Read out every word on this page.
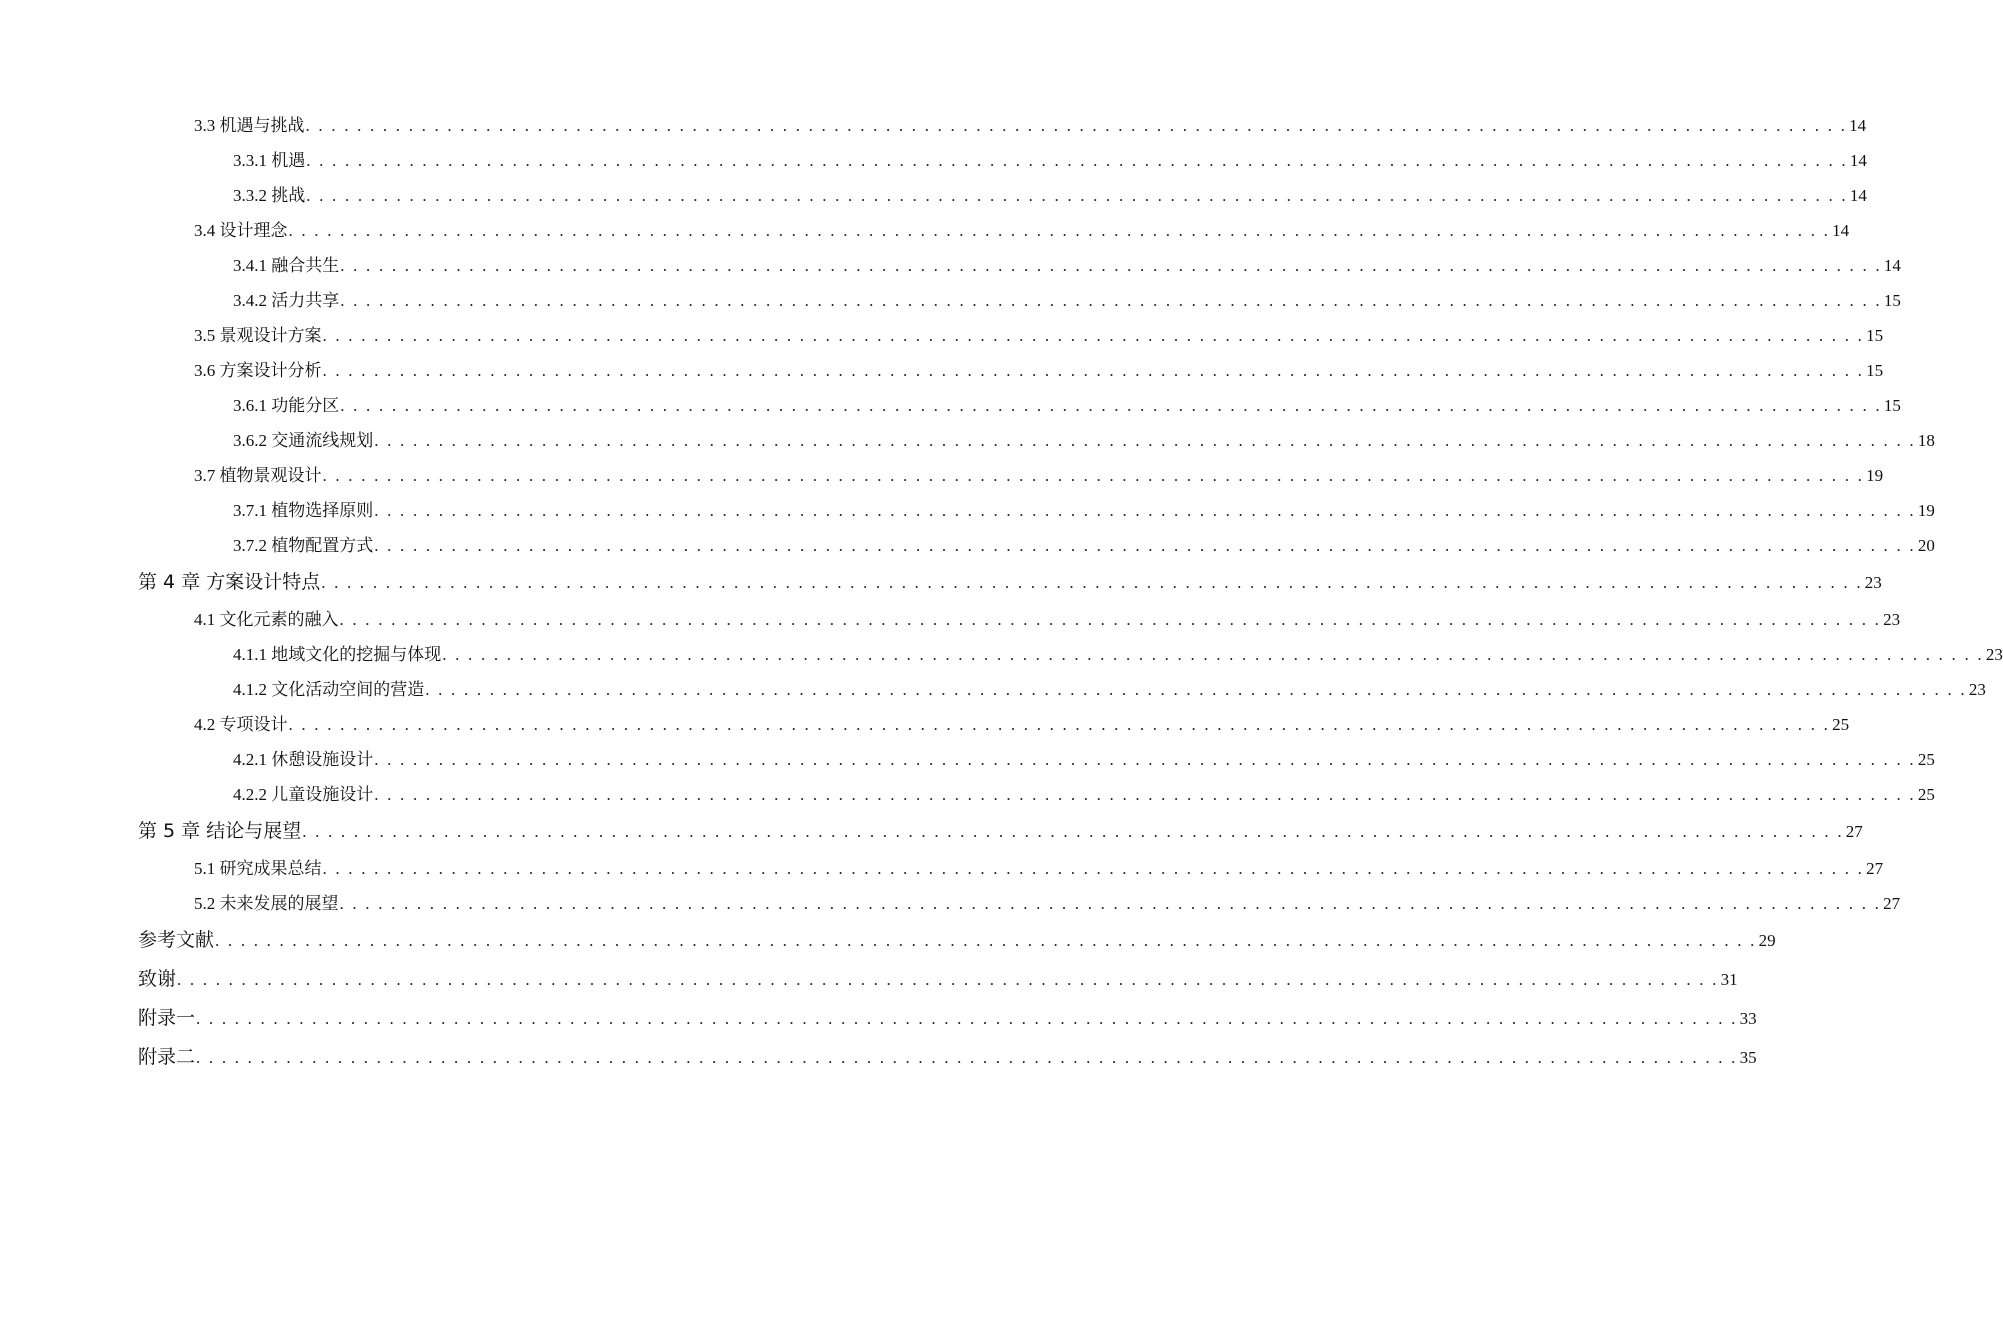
3.3 机遇与挑战 . . . . . . . . . . . . . . . . . . . . . . . . . . . . . . . . . . . . . . . . . . . . . . . . . . . . . . . . . . . . . . . . . . . . . . . . . . . . . . . . . . . . . . . . . . . . . . . . . . . . . . . . . . . . . . . . . . . . . . . . 14
3.3.1 机遇 . . . . . . . . . . . . . . . . . . . . . . . . . . . . . . . . . . . . . . . . . . . . . . . . . . . . . . . . . . . . . . . . . . . . . . . . . . . . . . . . . . . . . . . . . . . . . . . . . . . . . . . . . . . . . . . . . . . . . . . . 14
3.3.2 挑战 . . . . . . . . . . . . . . . . . . . . . . . . . . . . . . . . . . . . . . . . . . . . . . . . . . . . . . . . . . . . . . . . . . . . . . . . . . . . . . . . . . . . . . . . . . . . . . . . . . . . . . . . . . . . . . . . . . . . . . . . 14
3.4 设计理念 . . . . . . . . . . . . . . . . . . . . . . . . . . . . . . . . . . . . . . . . . . . . . . . . . . . . . . . . . . . . . . . . . . . . . . . . . . . . . . . . . . . . . . . . . . . . . . . . . . . . . . . . . . . . . . . . . . . . . . . . 14
3.4.1 融合共生 . . . . . . . . . . . . . . . . . . . . . . . . . . . . . . . . . . . . . . . . . . . . . . . . . . . . . . . . . . . . . . . . . . . . . . . . . . . . . . . . . . . . . . . . . . . . . . . . . . . . . . . . . . . . . . . . . . . . . . . . 14
3.4.2 活力共享 . . . . . . . . . . . . . . . . . . . . . . . . . . . . . . . . . . . . . . . . . . . . . . . . . . . . . . . . . . . . . . . . . . . . . . . . . . . . . . . . . . . . . . . . . . . . . . . . . . . . . . . . . . . . . . . . . . . . . . . . 15
3.5 景观设计方案 . . . . . . . . . . . . . . . . . . . . . . . . . . . . . . . . . . . . . . . . . . . . . . . . . . . . . . . . . . . . . . . . . . . . . . . . . . . . . . . . . . . . . . . . . . . . . . . . . . . . . . . . . . . . . . . . . . . . . . . . 15
3.6 方案设计分析 . . . . . . . . . . . . . . . . . . . . . . . . . . . . . . . . . . . . . . . . . . . . . . . . . . . . . . . . . . . . . . . . . . . . . . . . . . . . . . . . . . . . . . . . . . . . . . . . . . . . . . . . . . . . . . . . . . . . . . . . 15
3.6.1 功能分区 . . . . . . . . . . . . . . . . . . . . . . . . . . . . . . . . . . . . . . . . . . . . . . . . . . . . . . . . . . . . . . . . . . . . . . . . . . . . . . . . . . . . . . . . . . . . . . . . . . . . . . . . . . . . . . . . . . . . . . . . 15
3.6.2 交通流线规划 . . . . . . . . . . . . . . . . . . . . . . . . . . . . . . . . . . . . . . . . . . . . . . . . . . . . . . . . . . . . . . . . . . . . . . . . . . . . . . . . . . . . . . . . . . . . . . . . . . . . . . . . . . . . . . . . . . . . . . . . 18
3.7 植物景观设计 . . . . . . . . . . . . . . . . . . . . . . . . . . . . . . . . . . . . . . . . . . . . . . . . . . . . . . . . . . . . . . . . . . . . . . . . . . . . . . . . . . . . . . . . . . . . . . . . . . . . . . . . . . . . . . . . . . . . . . . . 19
3.7.1 植物选择原则 . . . . . . . . . . . . . . . . . . . . . . . . . . . . . . . . . . . . . . . . . . . . . . . . . . . . . . . . . . . . . . . . . . . . . . . . . . . . . . . . . . . . . . . . . . . . . . . . . . . . . . . . . . . . . . . . . . . . . . . . 19
3.7.2 植物配置方式 . . . . . . . . . . . . . . . . . . . . . . . . . . . . . . . . . . . . . . . . . . . . . . . . . . . . . . . . . . . . . . . . . . . . . . . . . . . . . . . . . . . . . . . . . . . . . . . . . . . . . . . . . . . . . . . . . . . . . . . . 20
第 4 章 方案设计特点 . . . . . . . . . . . . . . . . . . . . . . . . . . . . . . . . . . . . . . . . . . . . . . . . . . . . . . . . . . . . . . . . . . . . . . . . . . . . . . . . . . . . . . . . . . . . . . . . . . . . . . . . . . . . . . . . . . . . . . . . 23
4.1 文化元素的融入 . . . . . . . . . . . . . . . . . . . . . . . . . . . . . . . . . . . . . . . . . . . . . . . . . . . . . . . . . . . . . . . . . . . . . . . . . . . . . . . . . . . . . . . . . . . . . . . . . . . . . . . . . . . . . . . . . . . . . . . . 23
4.1.1 地域文化的挖掘与体现 . . . . . . . . . . . . . . . . . . . . . . . . . . . . . . . . . . . . . . . . . . . . . . . . . . . . . . . . . . . . . . . . . . . . . . . . . . . . . . . . . . . . . . . . . . . . . . . . . . . . . . . . . . . . . . . . . . . . . . . . 23
4.1.2 文化活动空间的营造 . . . . . . . . . . . . . . . . . . . . . . . . . . . . . . . . . . . . . . . . . . . . . . . . . . . . . . . . . . . . . . . . . . . . . . . . . . . . . . . . . . . . . . . . . . . . . . . . . . . . . . . . . . . . . . . . . . . . . . . . 23
4.2 专项设计 . . . . . . . . . . . . . . . . . . . . . . . . . . . . . . . . . . . . . . . . . . . . . . . . . . . . . . . . . . . . . . . . . . . . . . . . . . . . . . . . . . . . . . . . . . . . . . . . . . . . . . . . . . . . . . . . . . . . . . . . 25
4.2.1 休憩设施设计 . . . . . . . . . . . . . . . . . . . . . . . . . . . . . . . . . . . . . . . . . . . . . . . . . . . . . . . . . . . . . . . . . . . . . . . . . . . . . . . . . . . . . . . . . . . . . . . . . . . . . . . . . . . . . . . . . . . . . . . . 25
4.2.2 儿童设施设计 . . . . . . . . . . . . . . . . . . . . . . . . . . . . . . . . . . . . . . . . . . . . . . . . . . . . . . . . . . . . . . . . . . . . . . . . . . . . . . . . . . . . . . . . . . . . . . . . . . . . . . . . . . . . . . . . . . . . . . . . 25
第 5 章 结论与展望 . . . . . . . . . . . . . . . . . . . . . . . . . . . . . . . . . . . . . . . . . . . . . . . . . . . . . . . . . . . . . . . . . . . . . . . . . . . . . . . . . . . . . . . . . . . . . . . . . . . . . . . . . . . . . . . . . . . . . . . . 27
5.1 研究成果总结 . . . . . . . . . . . . . . . . . . . . . . . . . . . . . . . . . . . . . . . . . . . . . . . . . . . . . . . . . . . . . . . . . . . . . . . . . . . . . . . . . . . . . . . . . . . . . . . . . . . . . . . . . . . . . . . . . . . . . . . . 27
5.2 未来发展的展望 . . . . . . . . . . . . . . . . . . . . . . . . . . . . . . . . . . . . . . . . . . . . . . . . . . . . . . . . . . . . . . . . . . . . . . . . . . . . . . . . . . . . . . . . . . . . . . . . . . . . . . . . . . . . . . . . . . . . . . . . 27
参考文献 . . . . . . . . . . . . . . . . . . . . . . . . . . . . . . . . . . . . . . . . . . . . . . . . . . . . . . . . . . . . . . . . . . . . . . . . . . . . . . . . . . . . . . . . . . . . . . . . . . . . . . . . . . . . . . . . . . . . . . . . 29
致谢 . . . . . . . . . . . . . . . . . . . . . . . . . . . . . . . . . . . . . . . . . . . . . . . . . . . . . . . . . . . . . . . . . . . . . . . . . . . . . . . . . . . . . . . . . . . . . . . . . . . . . . . . . . . . . . . . . . . . . . . . 31
附录一 . . . . . . . . . . . . . . . . . . . . . . . . . . . . . . . . . . . . . . . . . . . . . . . . . . . . . . . . . . . . . . . . . . . . . . . . . . . . . . . . . . . . . . . . . . . . . . . . . . . . . . . . . . . . . . . . . . . . . . . . 33
附录二 . . . . . . . . . . . . . . . . . . . . . . . . . . . . . . . . . . . . . . . . . . . . . . . . . . . . . . . . . . . . . . . . . . . . . . . . . . . . . . . . . . . . . . . . . . . . . . . . . . . . . . . . . . . . . . . . . . . . . . . . 35
